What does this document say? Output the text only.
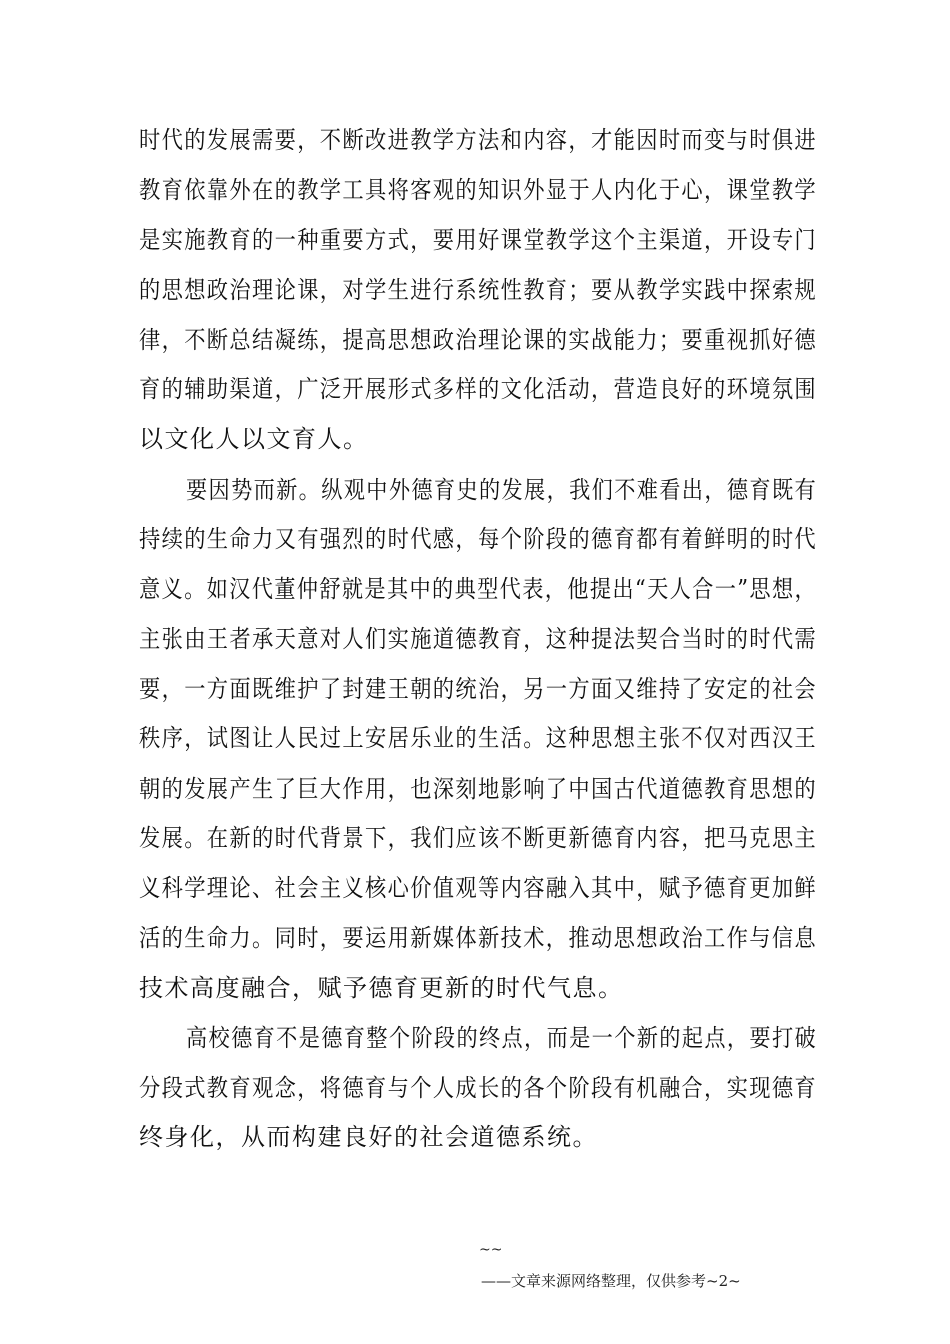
时代的发展需要，不断改进教学方法和内容，才能因时而变与时俱进
教育依靠外在的教学工具将客观的知识外显于人内化于心，课堂教学
是实施教育的一种重要方式，要用好课堂教学这个主渠道，开设专门
的思想政治理论课，对学生进行系统性教育；要从教学实践中探索规
律，不断总结凝练，提高思想政治理论课的实战能力；要重视抓好德
育的辅助渠道，广泛开展形式多样的文化活动，营造良好的环境氛围
以文化人以文育人。
要因势而新。纵观中外德育史的发展，我们不难看出，德育既有
持续的生命力又有强烈的时代感，每个阶段的德育都有着鲜明的时代
意义。如汉代董仲舒就是其中的典型代表，他提出“天人合一”思想，
主张由王者承天意对人们实施道德教育，这种提法契合当时的时代需
要，一方面既维护了封建王朝的统治，另一方面又维持了安定的社会
秩序，试图让人民过上安居乐业的生活。这种思想主张不仅对西汉王
朝的发展产生了巨大作用，也深刻地影响了中国古代道德教育思想的
发展。在新的时代背景下，我们应该不断更新德育内容，把马克思主
义科学理论、社会主义核心价值观等内容融入其中，赋予德育更加鲜
活的生命力。同时，要运用新媒体新技术，推动思想政治工作与信息
技术高度融合，赋予德育更新的时代气息。
高校德育不是德育整个阶段的终点，而是一个新的起点，要打破
分段式教育观念，将德育与个人成长的各个阶段有机融合，实现德育
终身化，从而构建良好的社会道德系统。
~~
——文章来源网络整理，仅供参考~2~
